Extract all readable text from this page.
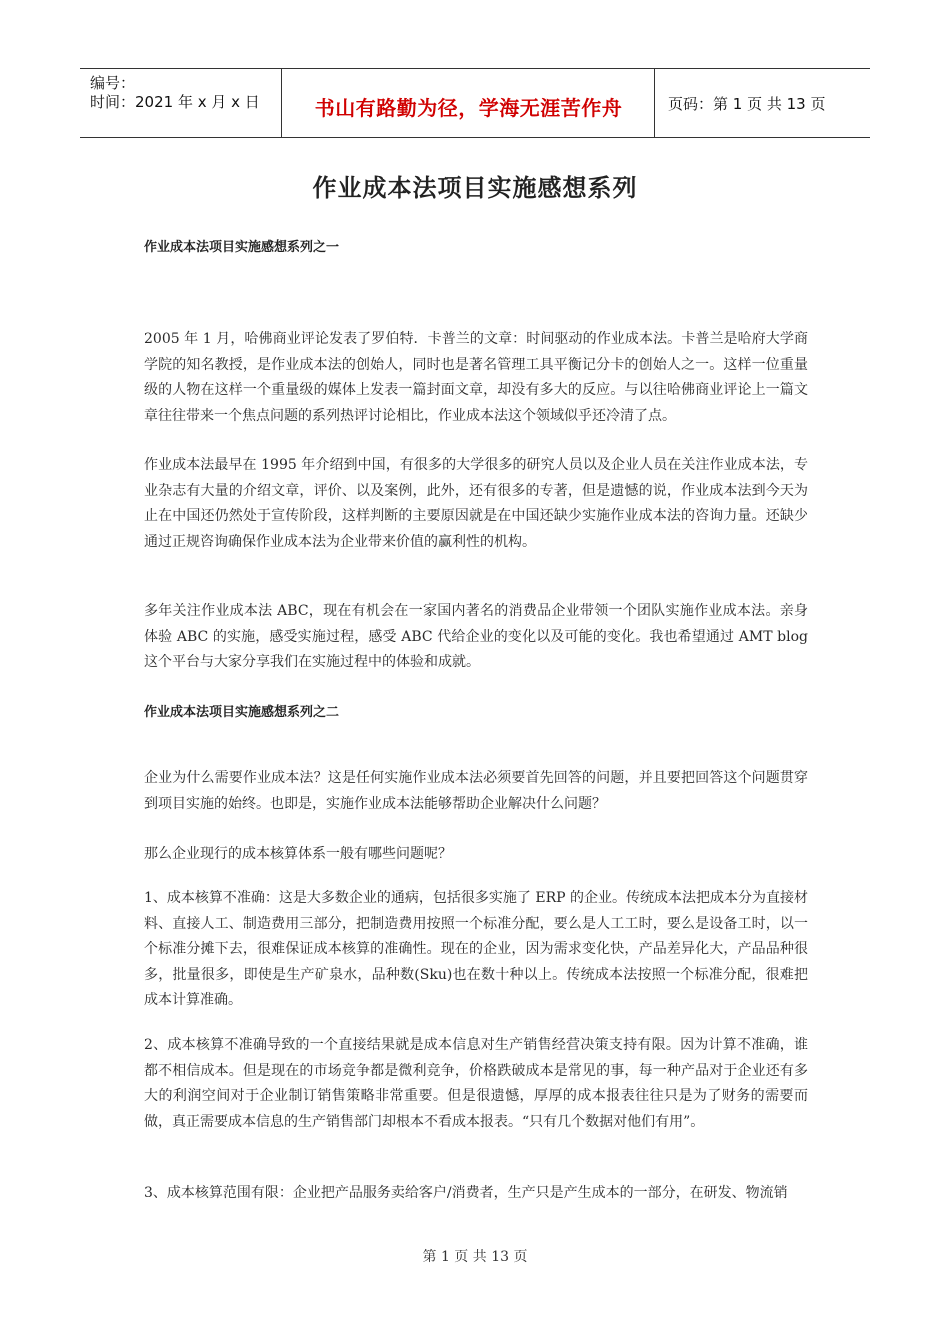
编号：
时间：2021 年 x 月 x 日	书山有路勤为径，学海无涯苦作舟	页码：第 1 页 共 13 页
作业成本法项目实施感想系列
作业成本法项目实施感想系列之一
2005 年 1 月，哈佛商业评论发表了罗伯特．卡普兰的文章：时间驱动的作业成本法。卡普兰是哈府大学商学院的知名教授，是作业成本法的创始人，同时也是著名管理工具平衡记分卡的创始人之一。这样一位重量级的人物在这样一个重量级的媒体上发表一篇封面文章，却没有多大的反应。与以往哈佛商业评论上一篇文章往往带来一个焦点问题的系列热评讨论相比，作业成本法这个领域似乎还冷清了点。
作业成本法最早在 1995 年介绍到中国，有很多的大学很多的研究人员以及企业人员在关注作业成本法，专业杂志有大量的介绍文章，评价、以及案例，此外，还有很多的专著，但是遗憾的说，作业成本法到今天为止在中国还仍然处于宣传阶段，这样判断的主要原因就是在中国还缺少实施作业成本法的咨询力量。还缺少通过正规咨询确保作业成本法为企业带来价值的赢利性的机构。
多年关注作业成本法 ABC，现在有机会在一家国内著名的消费品企业带领一个团队实施作业成本法。亲身体验 ABC 的实施，感受实施过程，感受 ABC 代给企业的变化以及可能的变化。我也希望通过 AMT blog 这个平台与大家分享我们在实施过程中的体验和成就。
作业成本法项目实施感想系列之二
企业为什么需要作业成本法？这是任何实施作业成本法必须要首先回答的问题，并且要把回答这个问题贯穿到项目实施的始终。也即是，实施作业成本法能够帮助企业解决什么问题？
那么企业现行的成本核算体系一般有哪些问题呢？
1、成本核算不准确：这是大多数企业的通病，包括很多实施了 ERP 的企业。传统成本法把成本分为直接材料、直接人工、制造费用三部分，把制造费用按照一个标准分配，要么是人工工时，要么是设备工时，以一个标准分摊下去，很难保证成本核算的准确性。现在的企业，因为需求变化快，产品差异化大，产品品种很多，批量很多，即使是生产矿泉水，品种数(Sku)也在数十种以上。传统成本法按照一个标准分配，很难把成本计算准确。
2、成本核算不准确导致的一个直接结果就是成本信息对生产销售经营决策支持有限。因为计算不准确，谁都不相信成本。但是现在的市场竞争都是微利竞争，价格跌破成本是常见的事，每一种产品对于企业还有多大的利润空间对于企业制订销售策略非常重要。但是很遗憾，厚厚的成本报表往往只是为了财务的需要而做，真正需要成本信息的生产销售部门却根本不看成本报表。“只有几个数据对他们有用”。
3、成本核算范围有限：企业把产品服务卖给客户/消费者，生产只是产生成本的一部分，在研发、物流销
第 1 页 共 13 页
